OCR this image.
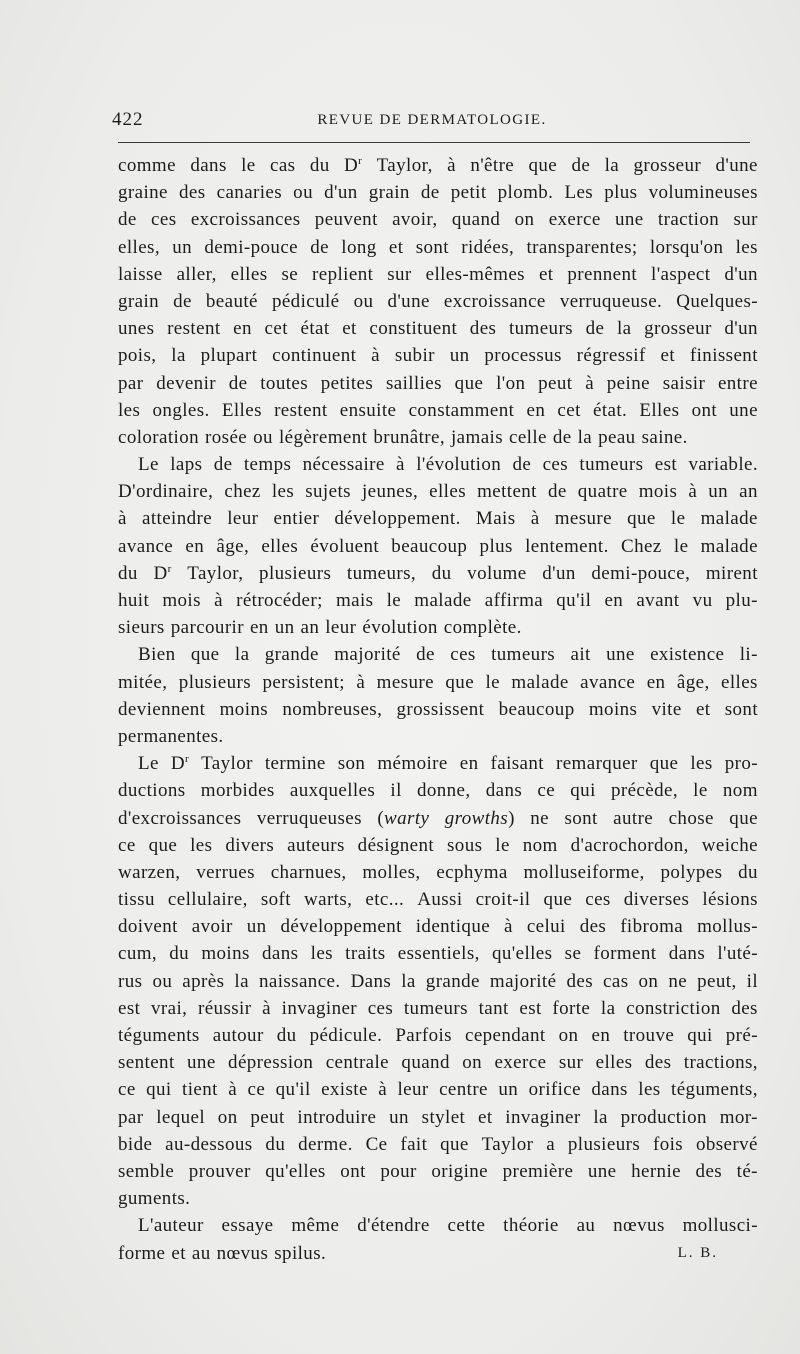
422	REVUE DE DERMATOLOGIE.
comme dans le cas du $D^r$ Taylor, à n'être que de la grosseur d'une
graine des canaries ou d'un grain de petit plomb. Les plus volumineuses
de ces excroissances peuvent avoir, quand on exerce une traction sur
elles, un demi-pouce de long et sont ridées, transparentes; lorsqu'on les
laisse aller, elles se replient sur elles-mêmes et prennent l'aspect d'un
grain de beauté pédiculé ou d'une excroissance verruqueuse. Quelques-
unes restent en cet état et constituent des tumeurs de la grosseur d'un
pois, la plupart continuent à subir un processus régressif et finissent
par devenir de toutes petites saillies que l'on peut à peine saisir entre
les ongles. Elles restent ensuite constamment en cet état. Elles ont une
coloration rosée ou légèrement brunâtre, jamais celle de la peau saine.
Le laps de temps nécessaire à l'évolution de ces tumeurs est variable.
D'ordinaire, chez les sujets jeunes, elles mettent de quatre mois à un an
à atteindre leur entier développement. Mais à mesure que le malade
avance en âge, elles évoluent beaucoup plus lentement. Chez le malade
du $D^r$ Taylor, plusieurs tumeurs, du volume d'un demi-pouce, mirent
huit mois à rétrocéder; mais le malade affirma qu'il en avant vu plu-
sieurs parcourir en un an leur évolution complète.
Bien que la grande majorité de ces tumeurs ait une existence li-
mitée, plusieurs persistent; à mesure que le malade avance en âge, elles
deviennent moins nombreuses, grossissent beaucoup moins vite et sont
permanentes.
Le $D^r$ Taylor termine son mémoire en faisant remarquer que les pro-
ductions morbides auxquelles il donne, dans ce qui précède, le nom
d'excroissances verruqueuses (warty growths) ne sont autre chose que
ce que les divers auteurs désignent sous le nom d'acrochordon, weiche
warzen, verrues charnues, molles, ecphyma molluseiforme, polypes du
tissu cellulaire, soft warts, etc... Aussi croit-il que ces diverses lésions
doivent avoir un développement identique à celui des fibroma mollus-
cum, du moins dans les traits essentiels, qu'elles se forment dans l'uté-
rus ou après la naissance. Dans la grande majorité des cas on ne peut, il
est vrai, réussir à invaginer ces tumeurs tant est forte la constriction des
téguments autour du pédicule. Parfois cependant on en trouve qui pré-
sentent une dépression centrale quand on exerce sur elles des tractions,
ce qui tient à ce qu'il existe à leur centre un orifice dans les téguments,
par lequel on peut introduire un stylet et invaginer la production mor-
bide au-dessous du derme. Ce fait que Taylor a plusieurs fois observé
semble prouver qu'elles ont pour origine première une hernie des té-
guments.
L'auteur essaye même d'étendre cette théorie au nœvus mollusci-
forme et au nœvus spilus.	L. B.
